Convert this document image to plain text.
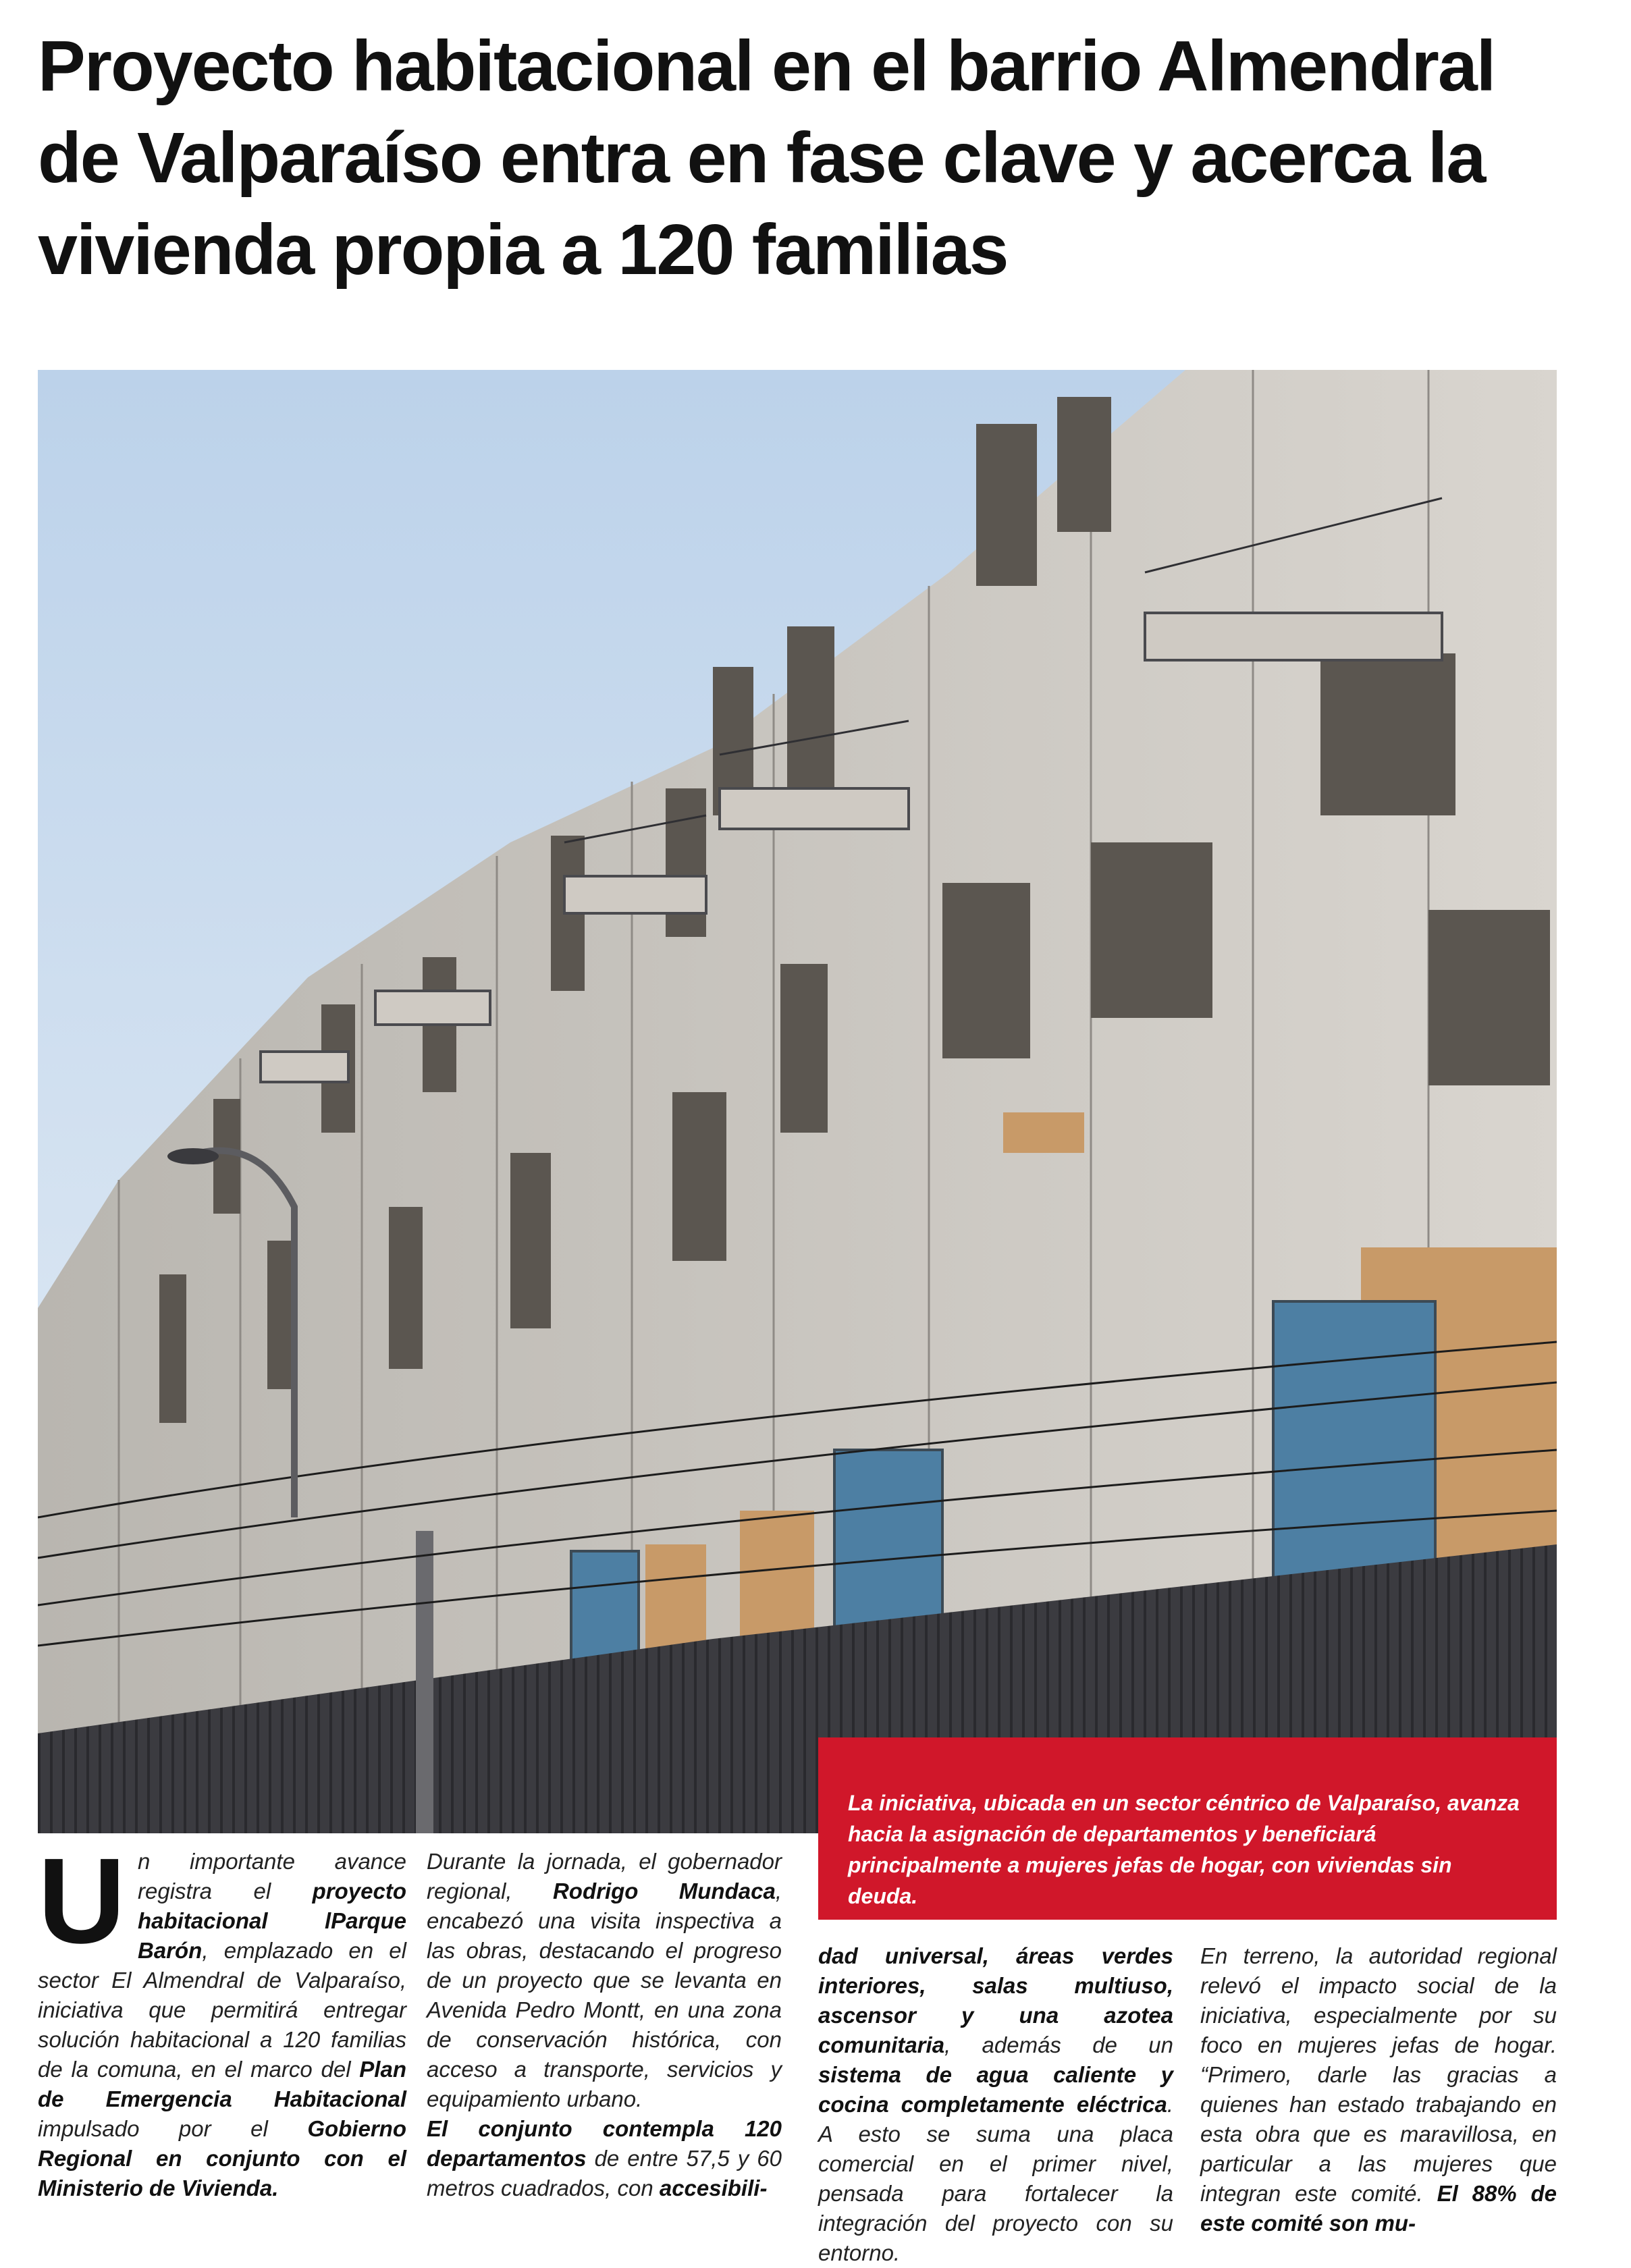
Proyecto habitacional en el barrio Almendral de Valparaíso entra en fase clave y acerca la vivienda propia a 120 familias
La iniciativa, ubicada en un sector céntrico de Valparaíso, avanza hacia la asignación de departamentos y beneficiará principalmente a mujeres jefas de hogar, con viviendas sin deuda.
U n importante avance registra el proyecto habitacional lParque Barón, emplazado en el sector El Almendral de Valparaíso, iniciativa que permitirá entregar solución habitacional a 120 familias de la comuna, en el marco del Plan de Emergencia Habitacional impulsado por el Gobierno Regional en conjunto con el Ministerio de Vivienda.

Durante la jornada, el gobernador regional, Rodrigo Mundaca, encabezó una visita inspectiva a las obras, destacando el progreso de un proyecto que se levanta en Avenida Pedro Montt, en una zona de conservación histórica, con acceso a transporte, servicios y equipamiento urbano.

El conjunto contempla 120 departamentos de entre 57,5 y 60 metros cuadrados, con accesibili-

dad universal, áreas verdes interiores, salas multiuso, ascensor y una azotea comunitaria, además de un sistema de agua caliente y cocina completamente eléctrica. A esto se suma una placa comercial en el primer nivel, pensada para fortalecer la integración del proyecto con su entorno.
En terreno, la autoridad regional relevó el impacto social de la iniciativa, especialmente por su foco en mujeres jefas de hogar. “Primero, darle las gracias a quienes han estado trabajando en esta obra que es maravillosa, en particular a las mujeres que integran este comité. El 88% de este comité son mu-
